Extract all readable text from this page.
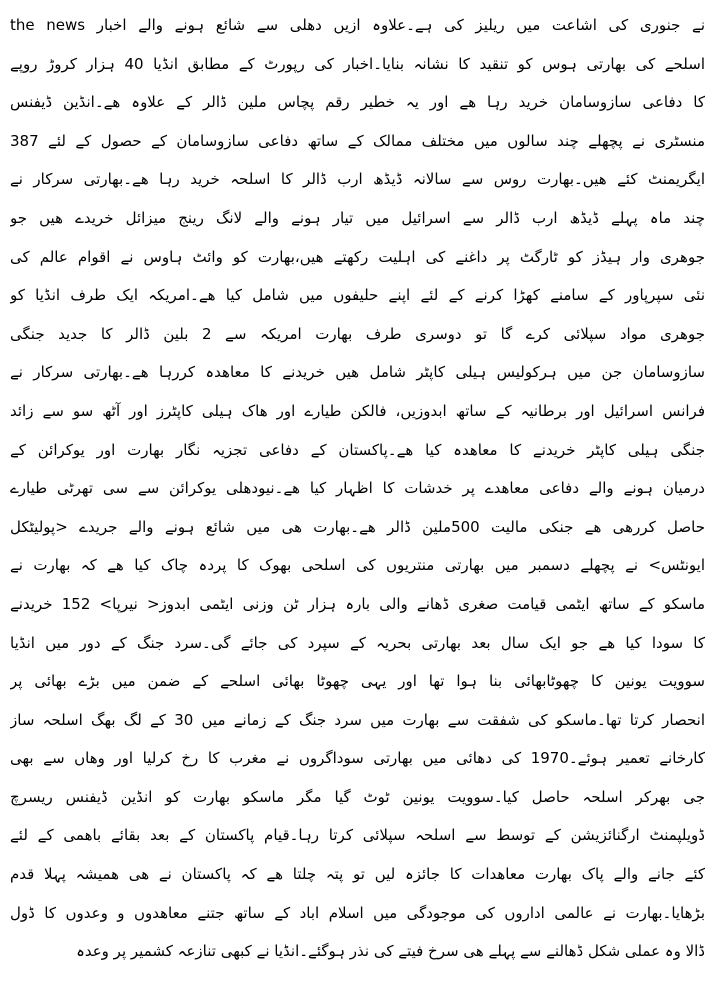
نے جنوری کی اشاعت میں ریلیز کی ہے۔علاوہ ازیں دھلی سے شائع ہونے والے اخبار the news
اسلحے کی بھارتی ہوس کو تنقید کا نشانہ بنایا۔اخبار کی رپورٹ کے مطابق انڈیا 40 ہزار کروڑ روپے
کا دفاعی سازوسامان خرید رہا ھے اور یہ خطیر رقم پچاس ملین ڈالر کے علاوہ ھے۔انڈین ڈیفنس
منسٹری نے پچھلے چند سالوں میں مختلف ممالک کے ساتھ دفاعی سازوسامان کے حصول کے لئے 387
ایگریمنٹ کئے ھیں۔بھارت روس سے سالانہ ڈیڈھ ارب ڈالر کا اسلحہ خرید رہا ھے۔بھارتی سرکار نے
چند ماہ پہلے ڈیڈھ ارب ڈالر سے اسرائیل میں تیار ہونے والے لانگ رینج میزائل خریدے ھیں جو
جوھری وار ہیڈز کو ٹارگٹ پر داغنے کی اہلیت رکھتے ھیں،بھارت کو وائٹ ہاوس نے اقوام عالم کی
نئی سپرپاور کے سامنے کھڑا کرنے کے لئے اپنے حلیفوں میں شامل کیا ھے۔امریکہ ایک طرف انڈیا کو
جوھری مواد سپلائی کرے گا تو دوسری طرف بھارت امریکہ سے 2 بلین ڈالر کا جدید جنگی
سازوسامان جن میں ہرکولیس ہیلی کاپٹر شامل ھیں خریدنے کا معاھدہ کررہا ھے۔بھارتی سرکار نے
فرانس اسرائیل اور برطانیہ کے ساتھ ابدوزیں، فالکن طیارے اور ھاک ہیلی کاپٹرز اور آٹھ سو سے زائد
جنگی ہیلی کاپٹر خریدنے کا معاھدہ کیا ھے۔پاکستان کے دفاعی تجزیہ نگار بھارت اور یوکرائن کے
درمیان ہونے والے دفاعی معاھدے پر خدشات کا اظہار کیا ھے۔نیودھلی یوکرائن سے سی تھرٹی طیارے
حاصل کررھی ھے جنکی مالیت 500ملین ڈالر ھے۔بھارت ھی میں شائع ہونے والے جریدے <پولیٹکل
ایونٹس> نے پچھلے دسمبر میں بھارتی منتریوں کی اسلحی بھوک کا پردہ چاک کیا ھے کہ بھارت نے
ماسکو کے ساتھ ایٹمی قیامت صغری ڈھانے والی بارہ ہزار ٹن وزنی ایٹمی ابدوز< نیرپا> 152 خریدنے
کا سودا کیا ھے جو ایک سال بعد بھارتی بحریہ کے سپرد کی جائے گی۔سرد جنگ کے دور میں انڈیا
سوویت یونین کا چھوٹابھائی بنا ہوا تھا اور یہی چھوٹا بھائی اسلحے کے ضمن میں بڑے بھائی پر
انحصار کرتا تھا۔ماسکو کی شفقت سے بھارت میں سرد جنگ کے زمانے میں 30 کے لگ بھگ اسلحہ ساز
کارخانے تعمیر ہوئے۔1970 کی دھائی میں بھارتی سوداگروں نے مغرب کا رخ کرلیا اور وھاں سے بھی
جی بھرکر اسلحہ حاصل کیا۔سوویت یونین ٹوٹ گیا مگر ماسکو بھارت کو انڈین ڈیفنس ریسرچ
ڈویلپمنٹ ارگنائزیشن کے توسط سے اسلحہ سپلائی کرتا رہا۔قیام پاکستان کے بعد بقائے باھمی کے لئے
کئے جانے والے پاک بھارت معاھدات کا جائزہ لیں تو پتہ چلتا ھے کہ پاکستان نے ھی ھمیشہ پہلا قدم
بڑھایا۔بھارت نے عالمی اداروں کی موجودگی میں اسلام اباد کے ساتھ جتنے معاھدوں و وعدوں کا ڈول
ڈالا وہ عملی شکل ڈھالنے سے پہلے ھی سرخ فیتے کی نذر ہوگئے۔انڈیا نے کبھی تنازعہ کشمیر پر وعدہ
